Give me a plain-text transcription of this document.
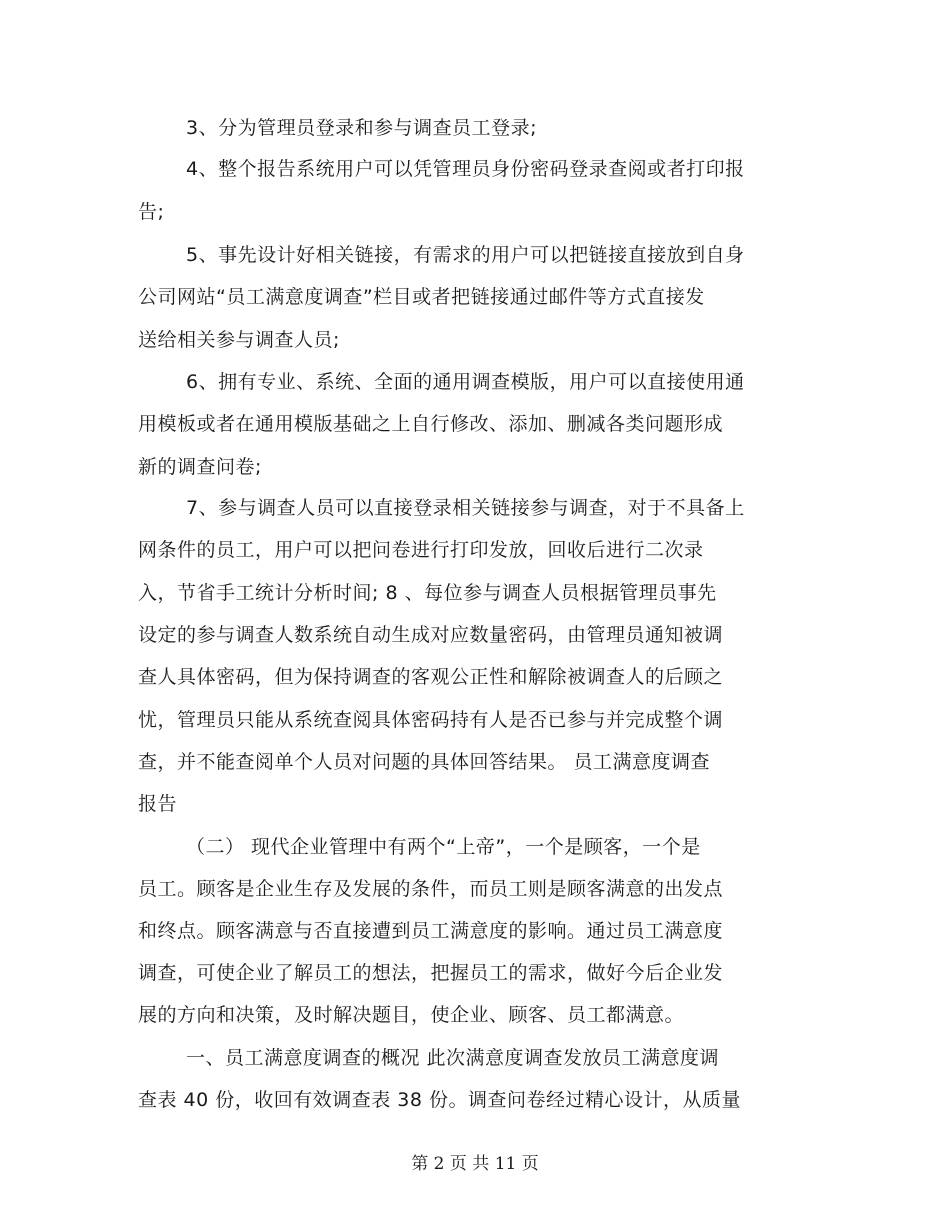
3、分为管理员登录和参与调查员工登录;
4、整个报告系统用户可以凭管理员身份密码登录查阅或者打印报
告;
5、事先设计好相关链接，有需求的用户可以把链接直接放到自身
公司网站“员工满意度调查”栏目或者把链接通过邮件等方式直接发
送给相关参与调查人员;
6、拥有专业、系统、全面的通用调查模版，用户可以直接使用通
用模板或者在通用模版基础之上自行修改、添加、删减各类问题形成
新的调查问卷;
7、参与调查人员可以直接登录相关链接参与调查，对于不具备上
网条件的员工，用户可以把问卷进行打印发放，回收后进行二次录
入，节省手工统计分析时间; 8 、每位参与调查人员根据管理员事先
设定的参与调查人数系统自动生成对应数量密码，由管理员通知被调
查人具体密码，但为保持调查的客观公正性和解除被调查人的后顾之
忧，管理员只能从系统查阅具体密码持有人是否已参与并完成整个调
查，并不能查阅单个人员对问题的具体回答结果。 员工满意度调查
报告
（二） 现代企业管理中有两个“上帝”，一个是顾客，一个是
员工。顾客是企业生存及发展的条件，而员工则是顾客满意的出发点
和终点。顾客满意与否直接遭到员工满意度的影响。通过员工满意度
调查，可使企业了解员工的想法，把握员工的需求，做好今后企业发
展的方向和决策，及时解决题目，使企业、顾客、员工都满意。
一、员工满意度调查的概况 此次满意度调查发放员工满意度调
查表 40 份，收回有效调查表 38 份。调查问卷经过精心设计，从质量
第 2 页 共 11 页
